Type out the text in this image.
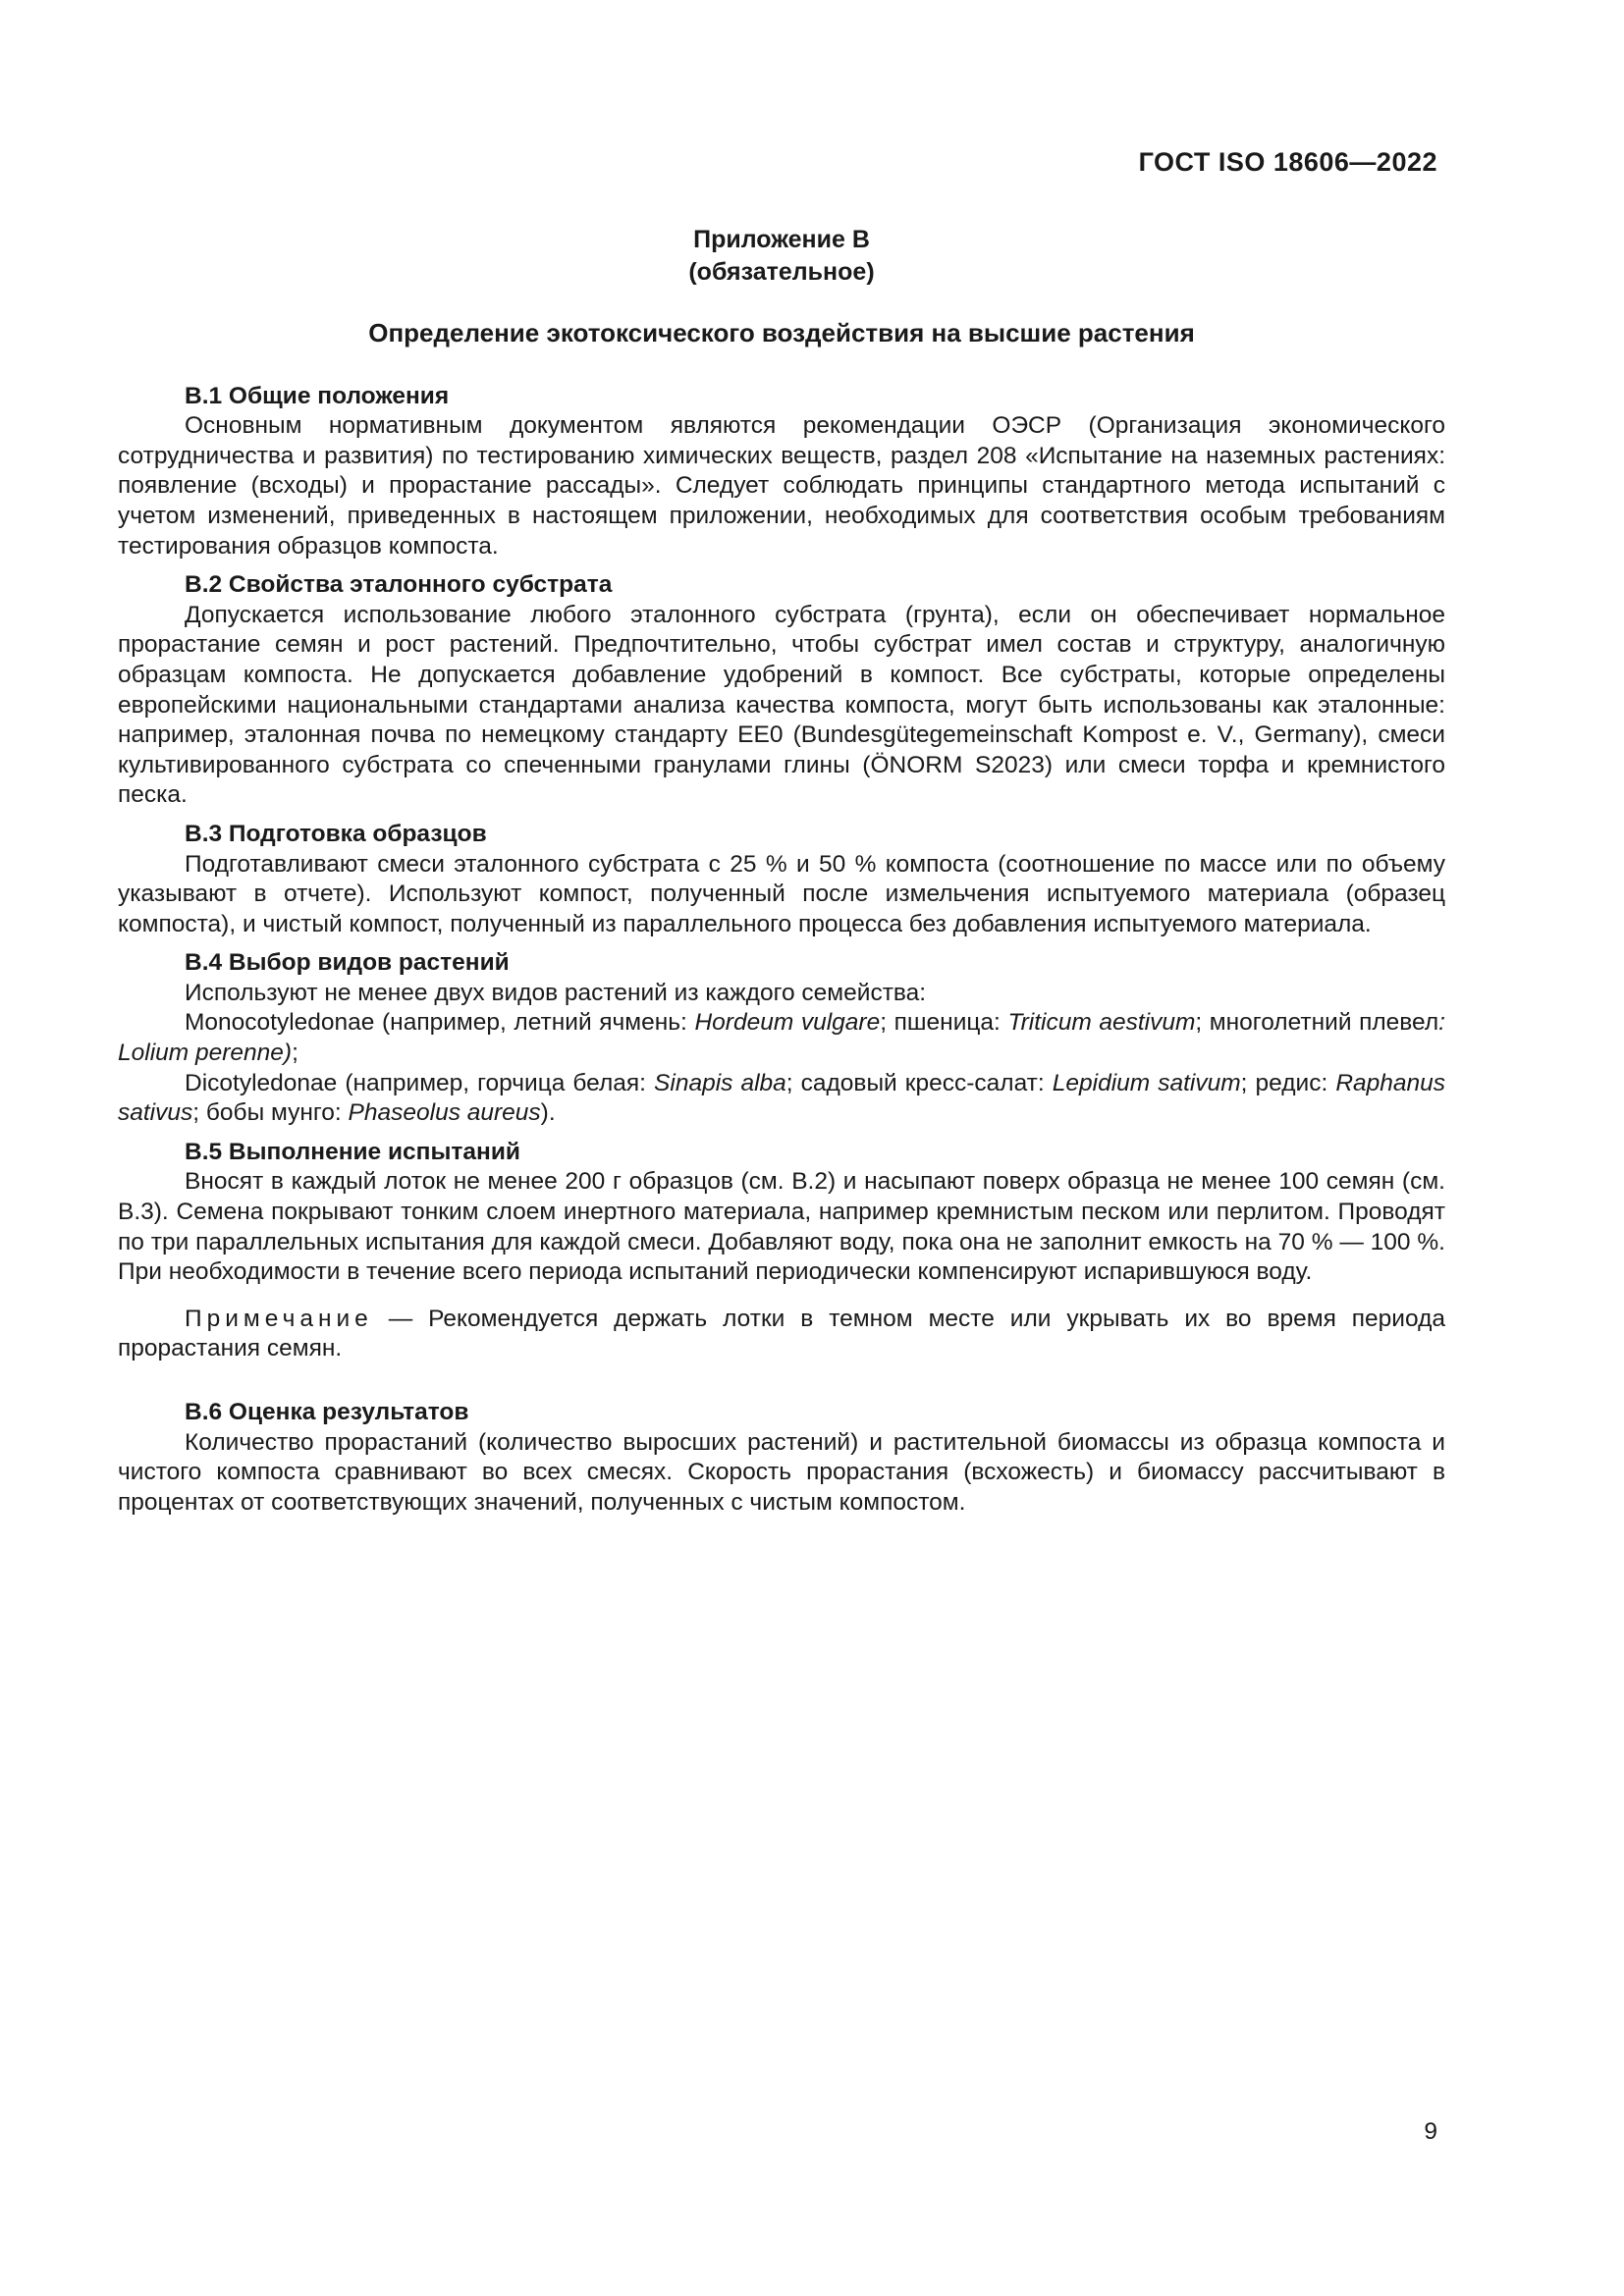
ГОСТ ISO 18606—2022
Приложение В
(обязательное)
Определение экотоксического воздействия на высшие растения
В.1 Общие положения

Основным нормативным документом являются рекомендации ОЭСР (Организация экономического сотрудничества и развития) по тестированию химических веществ, раздел 208 «Испытание на наземных растениях: появление (всходы) и прорастание рассады». Следует соблюдать принципы стандартного метода испытаний с учетом изменений, приведенных в настоящем приложении, необходимых для соответствия особым требованиям тестирования образцов компоста.

В.2 Свойства эталонного субстрата

Допускается использование любого эталонного субстрата (грунта), если он обеспечивает нормальное прорастание семян и рост растений. Предпочтительно, чтобы субстрат имел состав и структуру, аналогичную образцам компоста. Не допускается добавление удобрений в компост. Все субстраты, которые определены европейскими национальными стандартами анализа качества компоста, могут быть использованы как эталонные: например, эталонная почва по немецкому стандарту EE0 (Bundesgütegemeinschaft Kompost e. V., Germany), смеси культивированного субстрата со спеченными гранулами глины (ÖNORM S2023) или смеси торфа и кремнистого песка.

В.3 Подготовка образцов

Подготавливают смеси эталонного субстрата с 25 % и 50 % компоста (соотношение по массе или по объему указывают в отчете). Используют компост, полученный после измельчения испытуемого материала (образец компоста), и чистый компост, полученный из параллельного процесса без добавления испытуемого материала.

В.4 Выбор видов растений

Используют не менее двух видов растений из каждого семейства:

Monocotyledonae (например, летний ячмень: Hordeum vulgare; пшеница: Triticum aestivum; многолетний плевел: Lolium perenne);

Dicotyledonae (например, горчица белая: Sinapis alba; садовый кресс-салат: Lepidium sativum; редис: Raphanus sativus; бобы мунго: Phaseolus aureus).

В.5 Выполнение испытаний

Вносят в каждый лоток не менее 200 г образцов (см. В.2) и насыпают поверх образца не менее 100 семян (см. В.3). Семена покрывают тонким слоем инертного материала, например кремнистым песком или перлитом. Проводят по три параллельных испытания для каждой смеси. Добавляют воду, пока она не заполнит емкость на 70 % — 100 %. При необходимости в течение всего периода испытаний периодически компенсируют испарившуюся воду.

Примечание — Рекомендуется держать лотки в темном месте или укрывать их во время периода прорастания семян.

В.6 Оценка результатов

Количество прорастаний (количество выросших растений) и растительной биомассы из образца компоста и чистого компоста сравнивают во всех смесях. Скорость прорастания (всхожесть) и биомассу рассчитывают в процентах от соответствующих значений, полученных с чистым компостом.

9
